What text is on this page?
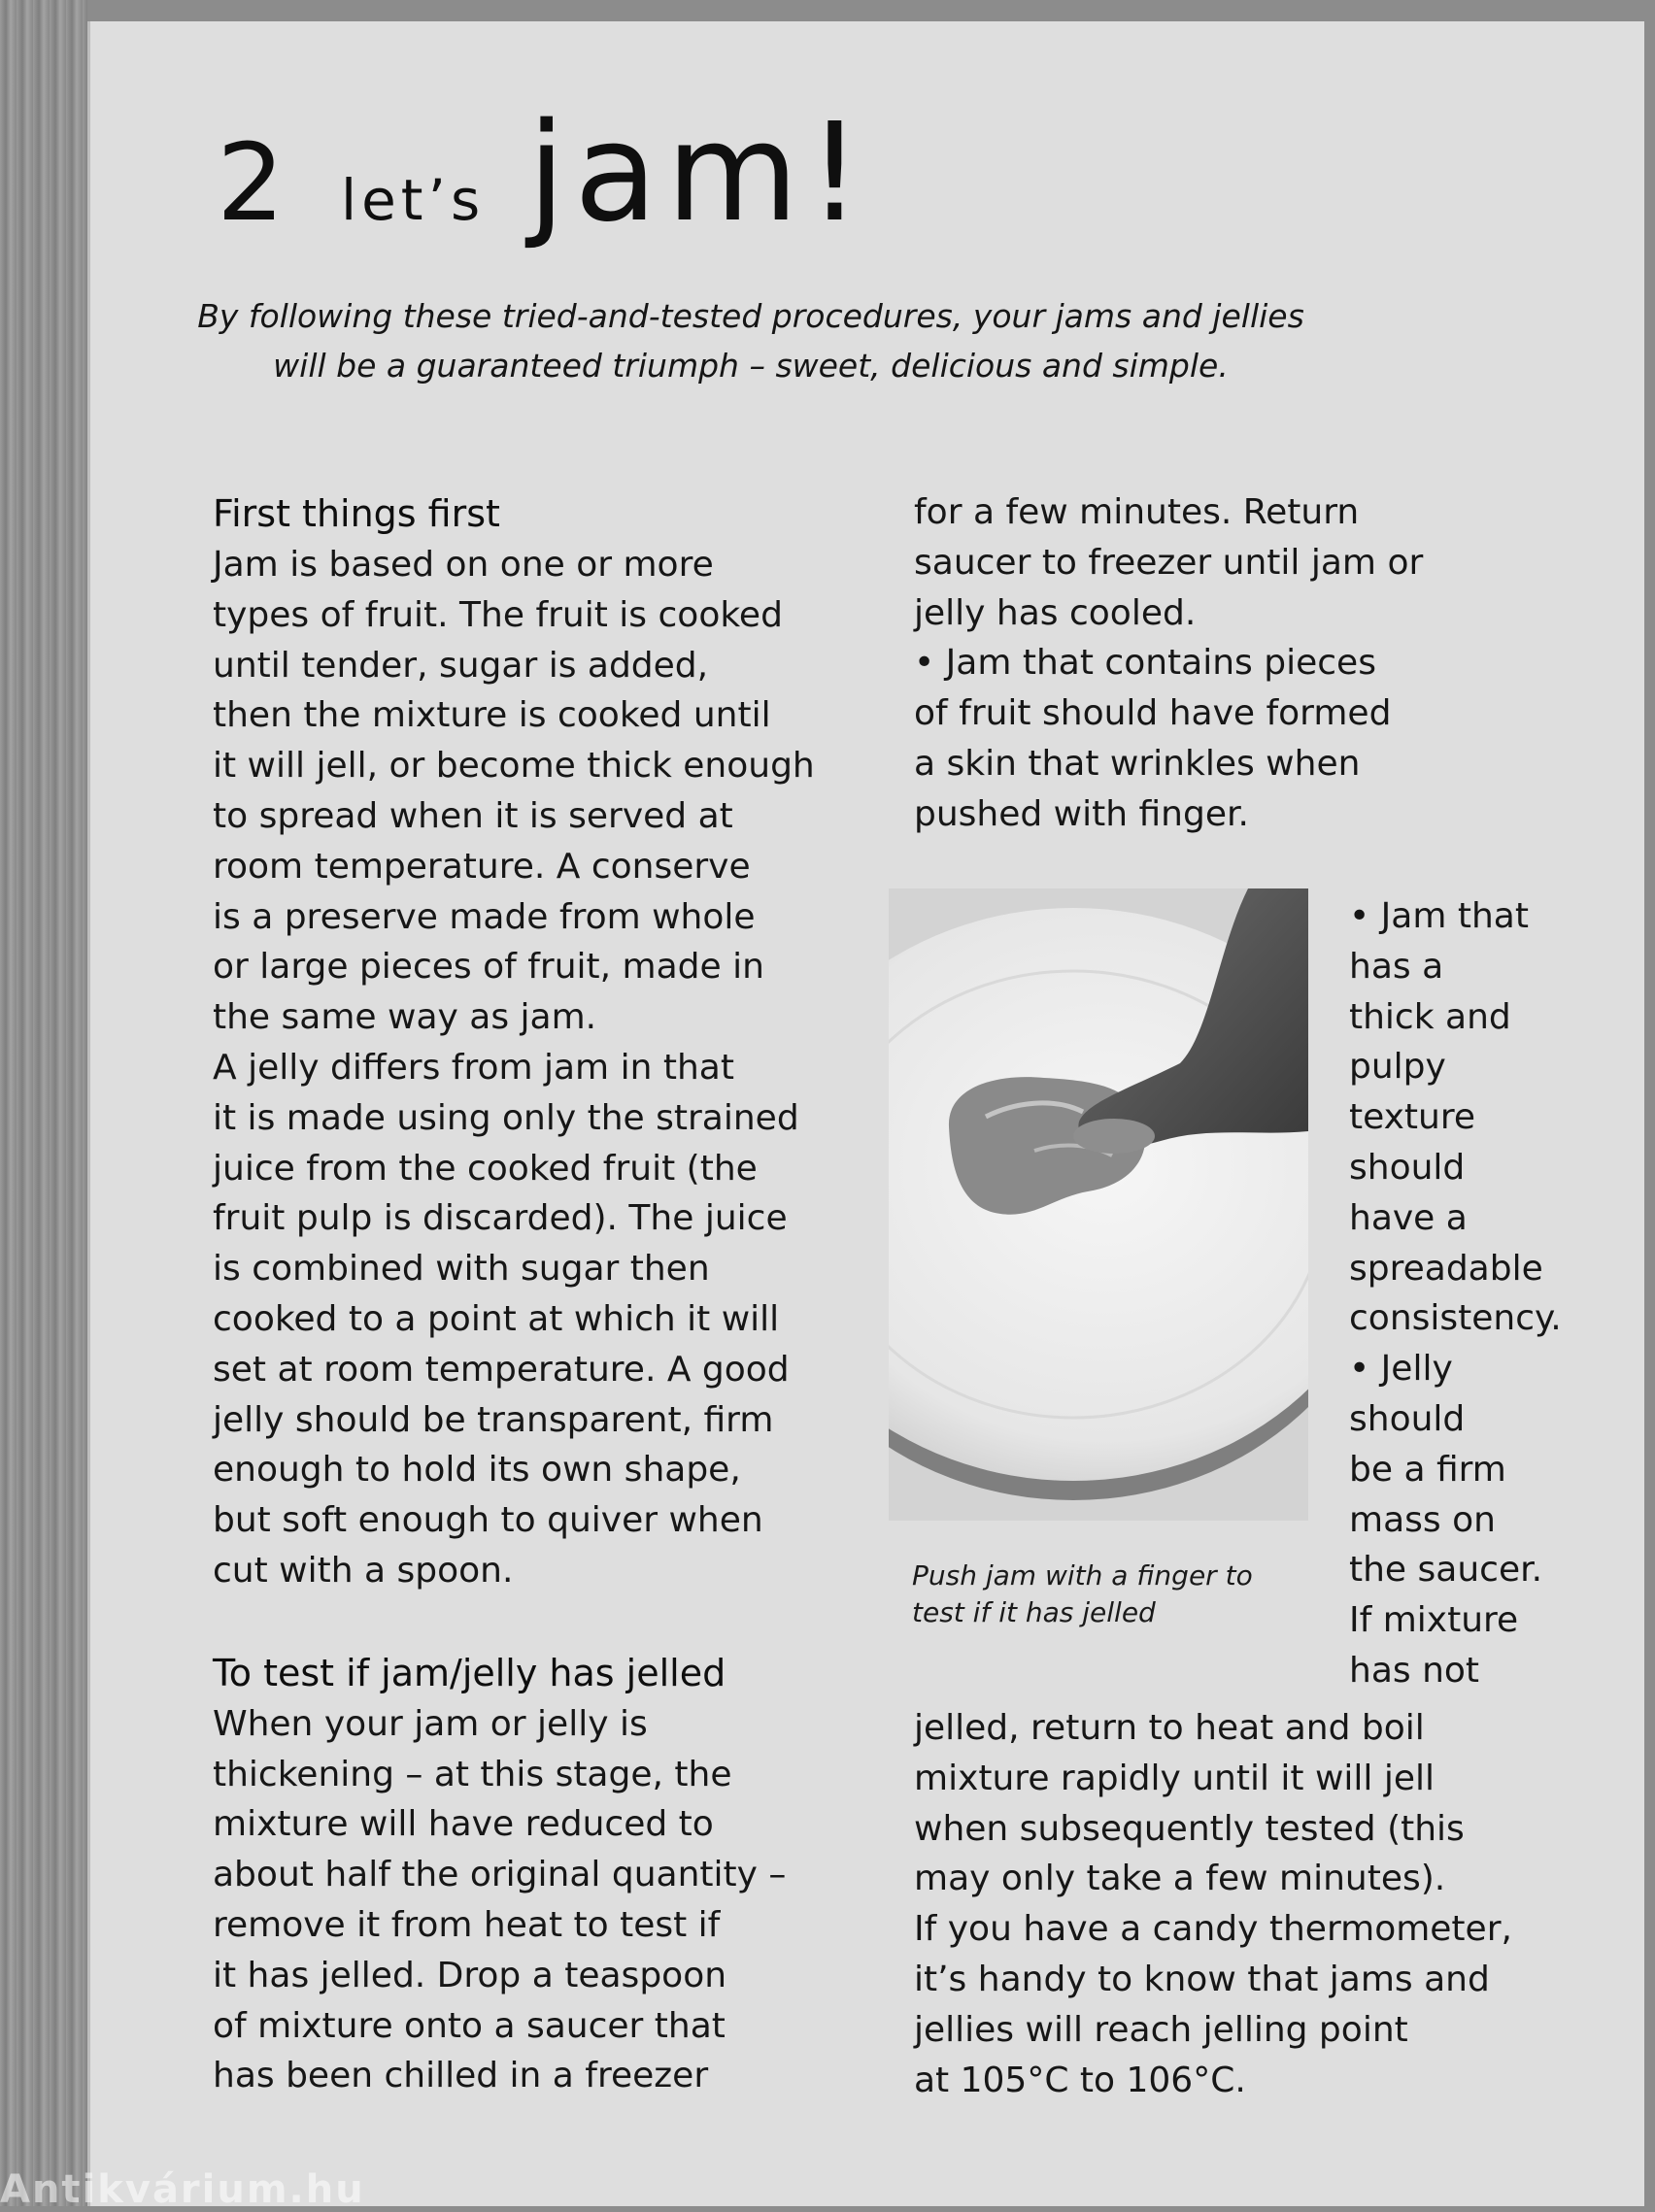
2 let’s jam!
By following these tried-and-tested procedures, your jams and jellies
will be a guaranteed triumph – sweet, delicious and simple.
First things first

Jam is based on one or more

types of fruit. The fruit is cooked

until tender, sugar is added,

then the mixture is cooked until

it will jell, or become thick enough

to spread when it is served at

room temperature. A conserve

is a preserve made from whole

or large pieces of fruit, made in

the same way as jam.

A jelly differs from jam in that

it is made using only the strained

juice from the cooked fruit (the

fruit pulp is discarded). The juice

is combined with sugar then

cooked to a point at which it will

set at room temperature. A good

jelly should be transparent, firm

enough to hold its own shape,

but soft enough to quiver when

cut with a spoon.

To test if jam/jelly has jelled

When your jam or jelly is

thickening – at this stage, the

mixture will have reduced to

about half the original quantity –

remove it from heat to test if

it has jelled. Drop a teaspoon

of mixture onto a saucer that

has been chilled in a freezer

for a few minutes. Return

saucer to freezer until jam or

jelly has cooled.

• Jam that contains pieces

of fruit should have formed

a skin that wrinkles when

pushed with finger.

Push jam with a finger to
test if it has jelled

• Jam that

has a

thick and

pulpy

texture

should

have a

spreadable

consistency.

• Jelly

should

be a firm

mass on

the saucer.

If mixture

has not

jelled, return to heat and boil

mixture rapidly until it will jell

when subsequently tested (this

may only take a few minutes).

If you have a candy thermometer,

it’s handy to know that jams and

jellies will reach jelling point

at 105°C to 106°C.

Antikvárium.hu
